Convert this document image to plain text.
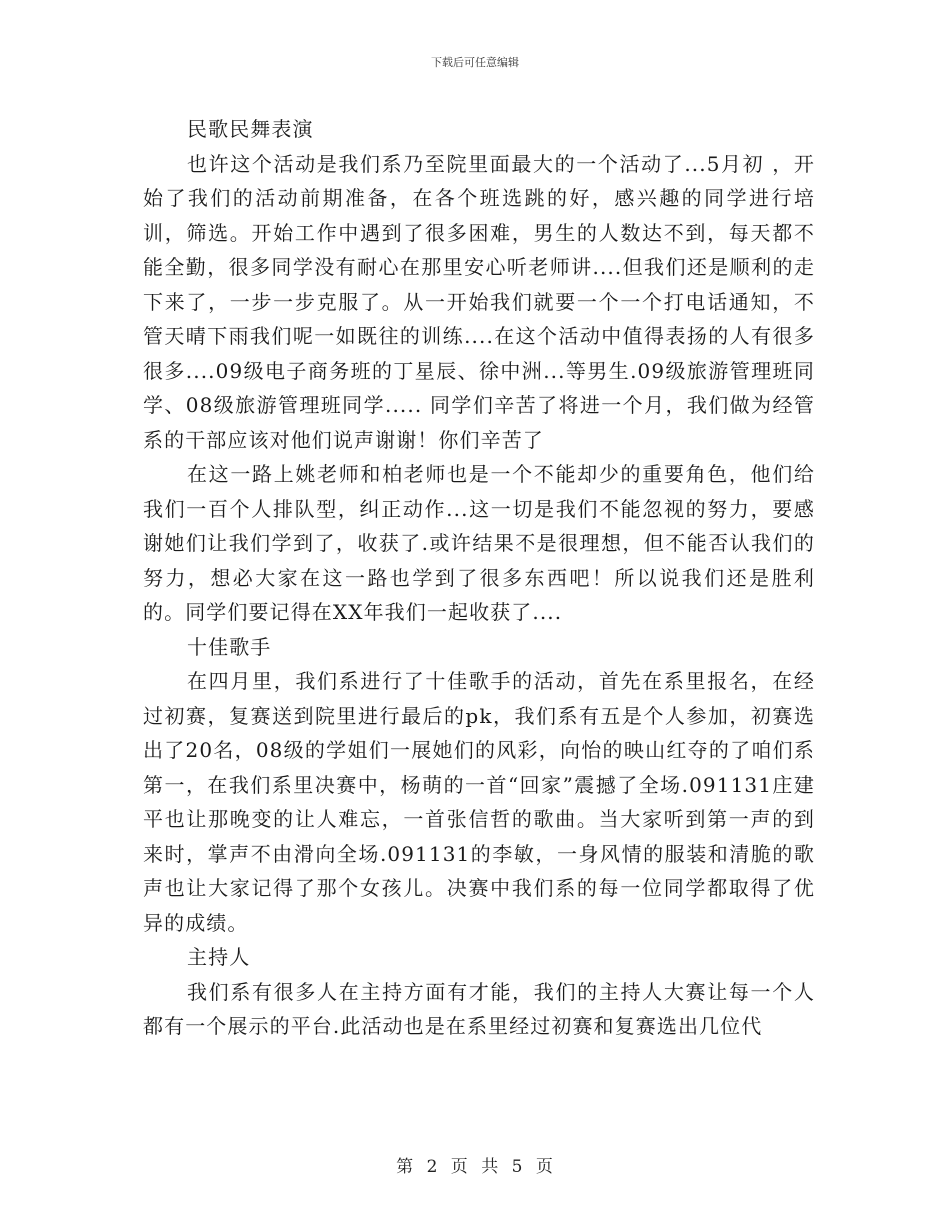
下载后可任意编辑

民歌民舞表演

也许这个活动是我们系乃至院里面最大的一个活动了...5月初 ，开始了我们的活动前期准备，在各个班选跳的好，感兴趣的同学进行培训，筛选。开始工作中遇到了很多困难，男生的人数达不到，每天都不能全勤，很多同学没有耐心在那里安心听老师讲....但我们还是顺利的走下来了，一步一步克服了。从一开始我们就要一个一个打电话通知，不管天晴下雨我们呢一如既往的训练....在这个活动中值得表扬的人有很多很多....09级电子商务班的丁星辰、徐中洲...等男生.09级旅游管理班同学、08级旅游管理班同学..... 同学们辛苦了将进一个月，我们做为经管系的干部应该对他们说声谢谢！你们辛苦了

在这一路上姚老师和柏老师也是一个不能却少的重要角色，他们给我们一百个人排队型，纠正动作...这一切是我们不能忽视的努力，要感谢她们让我们学到了，收获了.或许结果不是很理想，但不能否认我们的努力，想必大家在这一路也学到了很多东西吧！所以说我们还是胜利的。同学们要记得在XX年我们一起收获了....

十佳歌手

在四月里，我们系进行了十佳歌手的活动，首先在系里报名，在经过初赛，复赛送到院里进行最后的pk，我们系有五是个人参加，初赛选出了20名，08级的学姐们一展她们的风彩，向怡的映山红夺的了咱们系第一，在我们系里决赛中，杨萌的一首“回家”震撼了全场.091131庄建平也让那晚变的让人难忘，一首张信哲的歌曲。当大家听到第一声的到来时，掌声不由滑向全场.091131的李敏，一身风情的服装和清脆的歌声也让大家记得了那个女孩儿。决赛中我们系的每一位同学都取得了优异的成绩。

主持人

我们系有很多人在主持方面有才能，我们的主持人大赛让每一个人都有一个展示的平台.此活动也是在系里经过初赛和复赛选出几位代

第 2 页 共 5 页
